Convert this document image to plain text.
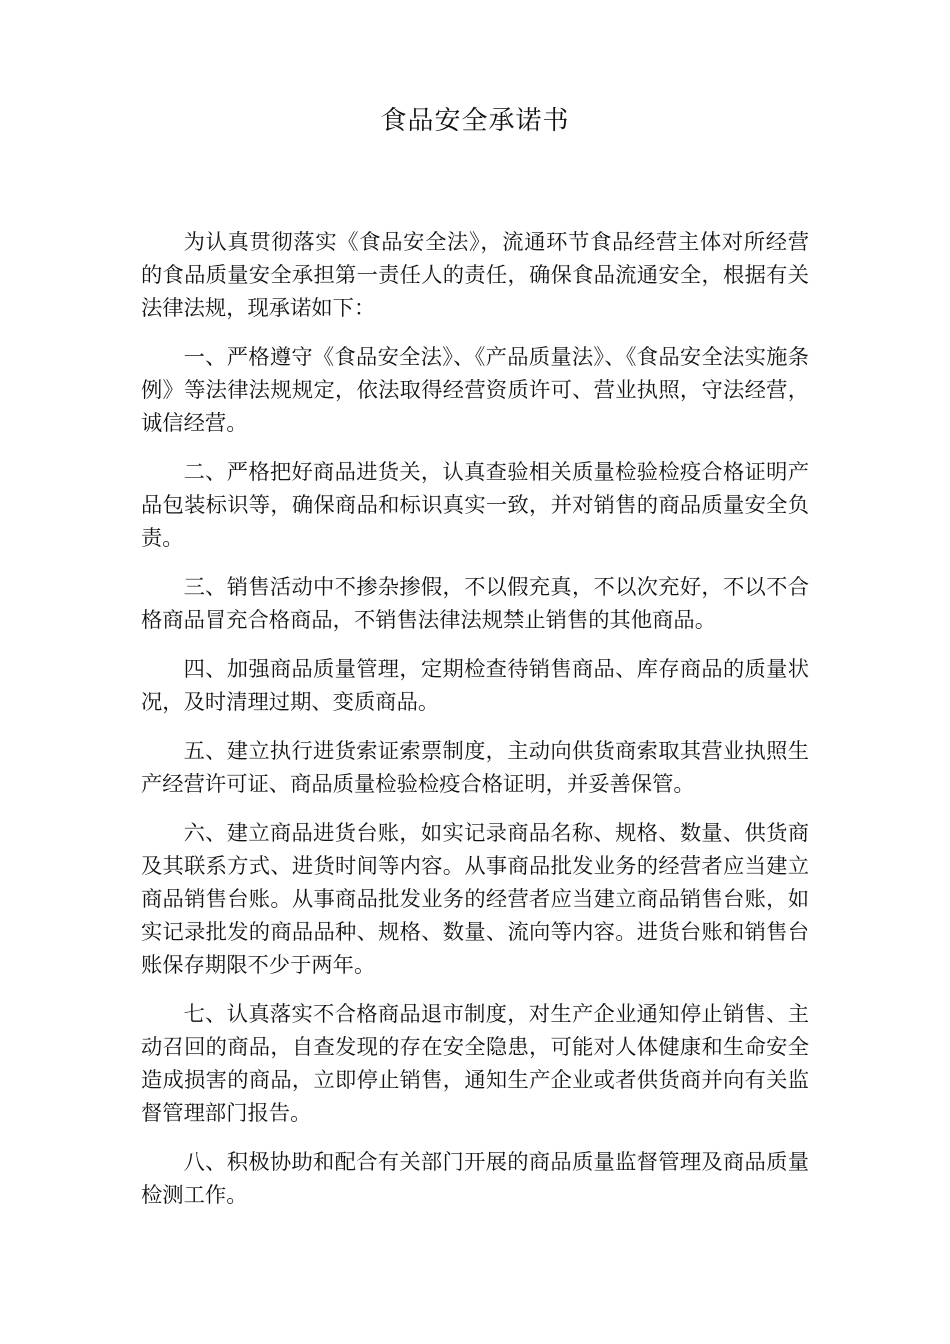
食品安全承诺书

为认真贯彻落实《食品安全法》，流通环节食品经营主体对所经营的食品质量安全承担第一责任人的责任，确保食品流通安全，根据有关法律法规，现承诺如下：

一、严格遵守《食品安全法》、《产品质量法》、《食品安全法实施条例》等法律法规规定，依法取得经营资质许可、营业执照，守法经营，诚信经营。

二、严格把好商品进货关，认真查验相关质量检验检疫合格证明产品包装标识等，确保商品和标识真实一致，并对销售的商品质量安全负责。

三、销售活动中不掺杂掺假，不以假充真，不以次充好，不以不合格商品冒充合格商品，不销售法律法规禁止销售的其他商品。

四、加强商品质量管理，定期检查待销售商品、库存商品的质量状况，及时清理过期、变质商品。

五、建立执行进货索证索票制度，主动向供货商索取其营业执照生产经营许可证、商品质量检验检疫合格证明，并妥善保管。

六、建立商品进货台账，如实记录商品名称、规格、数量、供货商及其联系方式、进货时间等内容。从事商品批发业务的经营者应当建立商品销售台账。从事商品批发业务的经营者应当建立商品销售台账，如实记录批发的商品品种、规格、数量、流向等内容。进货台账和销售台账保存期限不少于两年。

七、认真落实不合格商品退市制度，对生产企业通知停止销售、主动召回的商品，自查发现的存在安全隐患，可能对人体健康和生命安全造成损害的商品，立即停止销售，通知生产企业或者供货商并向有关监督管理部门报告。

八、积极协助和配合有关部门开展的商品质量监督管理及商品质量检测工作。
